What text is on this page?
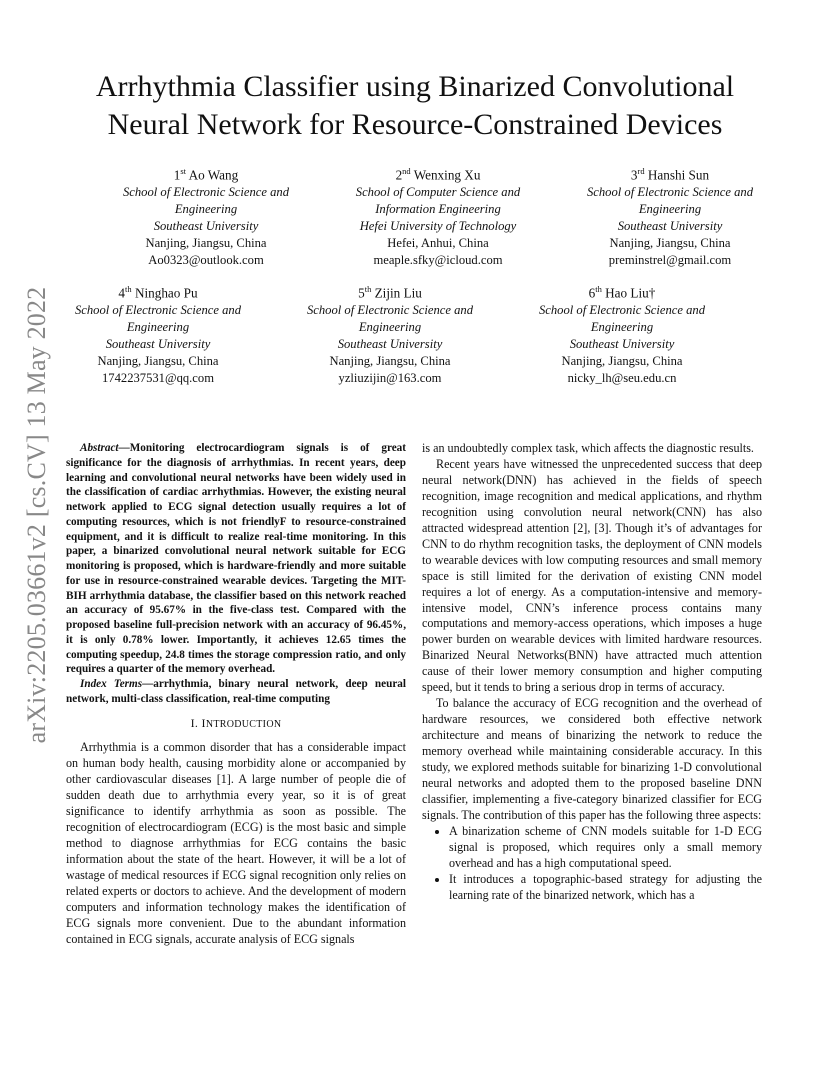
arXiv:2205.03661v2 [cs.CV] 13 May 2022
Arrhythmia Classifier using Binarized Convolutional
Neural Network for Resource-Constrained Devices
1st Ao Wang
School of Electronic Science and
Engineering
Southeast University
Nanjing, Jiangsu, China
Ao0323@outlook.com
2nd Wenxing Xu
School of Computer Science and
Information Engineering
Hefei University of Technology
Hefei, Anhui, China
meaple.sfky@icloud.com
3rd Hanshi Sun
School of Electronic Science and
Engineering
Southeast University
Nanjing, Jiangsu, China
preminstrel@gmail.com
4th Ninghao Pu
School of Electronic Science and
Engineering
Southeast University
Nanjing, Jiangsu, China
1742237531@qq.com
5th Zijin Liu
School of Electronic Science and
Engineering
Southeast University
Nanjing, Jiangsu, China
yzliuzijin@163.com
6th Hao Liu†
School of Electronic Science and
Engineering
Southeast University
Nanjing, Jiangsu, China
nicky_lh@seu.edu.cn

Abstract—Monitoring electrocardiogram signals is of great significance for the diagnosis of arrhythmias. In recent years, deep learning and convolutional neural networks have been widely used in the classification of cardiac arrhythmias. However, the existing neural network applied to ECG signal detection usually requires a lot of computing resources, which is not friendlyF to resource-constrained equipment, and it is difficult to realize real-time monitoring. In this paper, a binarized convolutional neural network suitable for ECG monitoring is proposed, which is hardware-friendly and more suitable for use in resource-constrained wearable devices. Targeting the MIT-BIH arrhythmia database, the classifier based on this network reached an accuracy of 95.67% in the five-class test. Compared with the proposed baseline full-precision network with an accuracy of 96.45%, it is only 0.78% lower. Importantly, it achieves 12.65 times the computing speedup, 24.8 times the storage compression ratio, and only requires a quarter of the memory overhead.

Index Terms—arrhythmia, binary neural network, deep neural network, multi-class classification, real-time computing

I. INTRODUCTION

Arrhythmia is a common disorder that has a considerable impact on human body health, causing morbidity alone or accompanied by other cardiovascular diseases [1]. A large number of people die of sudden death due to arrhythmia every year, so it is of great significance to identify arrhythmia as soon as possible. The recognition of electrocardiogram (ECG) is the most basic and simple method to diagnose arrhythmias for ECG contains the basic information about the state of the heart. However, it will be a lot of wastage of medical resources if ECG signal recognition only relies on related experts or doctors to achieve. And the development of modern computers and information technology makes the identification of ECG signals more convenient. Due to the abundant information contained in ECG signals, accurate analysis of ECG signals

is an undoubtedly complex task, which affects the diagnostic results.

Recent years have witnessed the unprecedented success that deep neural network(DNN) has achieved in the fields of speech recognition, image recognition and medical applications, and rhythm recognition using convolution neural network(CNN) has also attracted widespread attention [2], [3]. Though it’s of advantages for CNN to do rhythm recognition tasks, the deployment of CNN models to wearable devices with low computing resources and small memory space is still limited for the derivation of existing CNN model requires a lot of energy. As a computation-intensive and memory-intensive model, CNN’s inference process contains many computations and memory-access operations, which imposes a huge power burden on wearable devices with limited hardware resources. Binarized Neural Networks(BNN) have attracted much attention cause of their lower memory consumption and higher computing speed, but it tends to bring a serious drop in terms of accuracy.

To balance the accuracy of ECG recognition and the overhead of hardware resources, we considered both effective network architecture and means of binarizing the network to reduce the memory overhead while maintaining considerable accuracy. In this study, we explored methods suitable for binarizing 1-D convolutional neural networks and adopted them to the proposed baseline DNN classifier, implementing a five-category binarized classifier for ECG signals. The contribution of this paper has the following three aspects:

• A binarization scheme of CNN models suitable for 1-D ECG signal is proposed, which requires only a small memory overhead and has a high computational speed.
• It introduces a topographic-based strategy for adjusting the learning rate of the binarized network, which has a
